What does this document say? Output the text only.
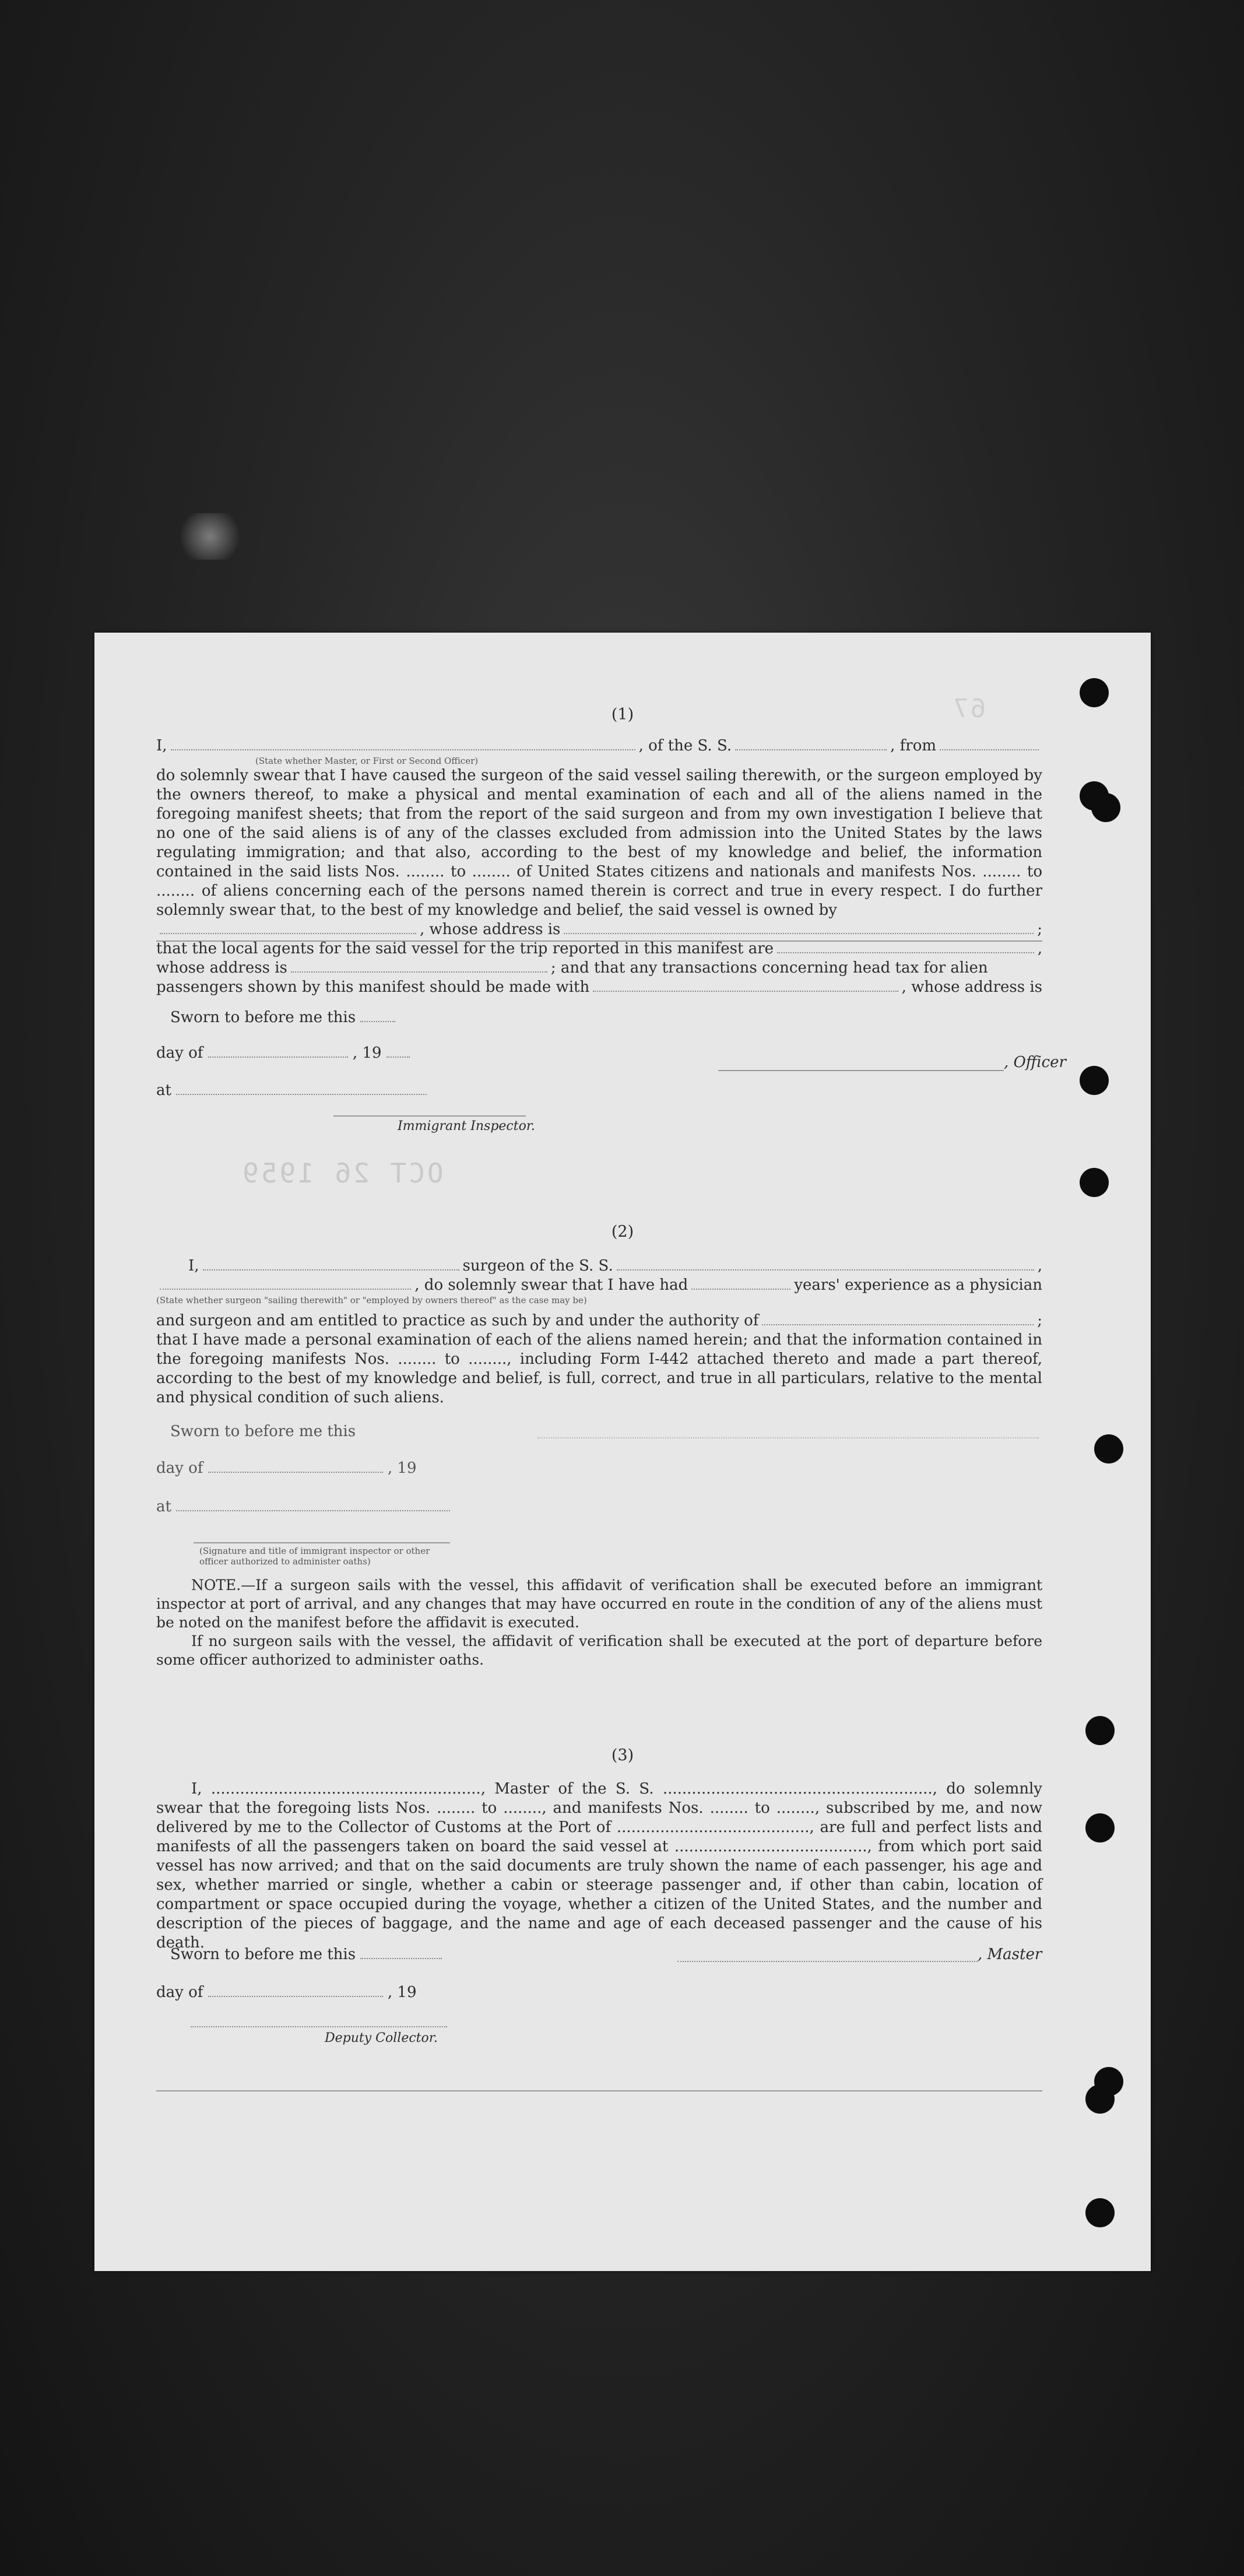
67
OCT 26 1959
(1)
I,	, of the S. S.	, from
(State whether Master, or First or Second Officer)

do solemnly swear that I have caused the surgeon of the said vessel sailing therewith, or the surgeon employed by the owners thereof, to make a physical and mental examination of each and all of the aliens named in the foregoing manifest sheets; that from the report of the said surgeon and from my own investigation I believe that no one of the said aliens is of any of the classes excluded from admission into the United States by the laws regulating immigration; and that also, according to the best of my knowledge and belief, the information contained in the said lists Nos. ........ to ........ of United States citizens and nationals and manifests Nos. ........ to ........ of aliens concerning each of the persons named therein is correct and true in every respect. I do further solemnly swear that, to the best of my knowledge and belief, the said vessel is owned by

, whose address is	;
that the local agents for the said vessel for the trip reported in this manifest are	,
whose address is	; and that any transactions concerning head tax for alien
passengers shown by this manifest should be made with	, whose address is
Sworn to before me this
day of	, 19
at
Immigrant Inspector.
, Officer
(2)
I,	surgeon of the S. S.	,
, do solemnly swear that I have had	years' experience as a physician
(State whether surgeon "sailing therewith" or "employed by owners thereof" as the case may be)
and surgeon and am entitled to practice as such by and under the authority of	;

that I have made a personal examination of each of the aliens named herein; and that the information contained in the foregoing manifests Nos. ........ to ........, including Form I-442 attached thereto and made a part thereof, according to the best of my knowledge and belief, is full, correct, and true in all particulars, relative to the mental and physical condition of such aliens.

Sworn to before me this
day of	, 19
at
(Signature and title of immigrant inspector or other officer authorized to administer oaths)

NOTE.—If a surgeon sails with the vessel, this affidavit of verification shall be executed before an immigrant inspector at port of arrival, and any changes that may have occurred en route in the condition of any of the aliens must be noted on the manifest before the affidavit is executed.

If no surgeon sails with the vessel, the affidavit of verification shall be executed at the port of departure before some officer authorized to administer oaths.

(3)

I, ........................................................, Master of the S. S. ........................................................, do solemnly swear that the foregoing lists Nos. ........ to ........, and manifests Nos. ........ to ........, subscribed by me, and now delivered by me to the Collector of Customs at the Port of ........................................, are full and perfect lists and manifests of all the passengers taken on board the said vessel at ........................................, from which port said vessel has now arrived; and that on the said documents are truly shown the name of each passenger, his age and sex, whether married or single, whether a cabin or steerage passenger and, if other than cabin, location of compartment or space occupied during the voyage, whether a citizen of the United States, and the number and description of the pieces of baggage, and the name and age of each deceased passenger and the cause of his death.

Sworn to before me this	, Master
day of	, 19
Deputy Collector.
